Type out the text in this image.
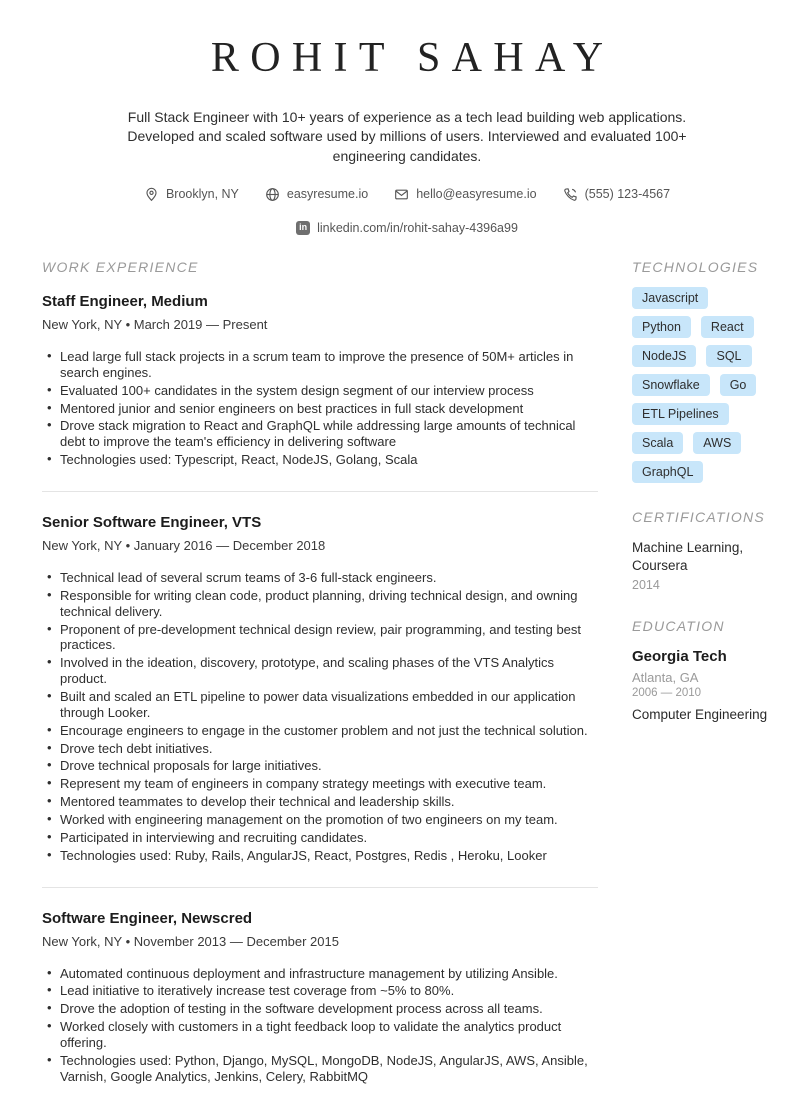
ROHIT SAHAY

Full Stack Engineer with 10+ years of experience as a tech lead building web applications. Developed and scaled software used by millions of users. Interviewed and evaluated 100+ engineering candidates.

Brooklyn, NY	easyresume.io	hello@easyresume.io	(555) 123-4567
in linkedin.com/in/rohit-sahay-4396a99
WORK EXPERIENCE
Staff Engineer, Medium
New York, NY • March 2019 — Present
• Lead large full stack projects in a scrum team to improve the presence of 50M+ articles in search engines.
• Evaluated 100+ candidates in the system design segment of our interview process
• Mentored junior and senior engineers on best practices in full stack development
• Drove stack migration to React and GraphQL while addressing large amounts of technical debt to improve the team's efficiency in delivering software
• Technologies used: Typescript, React, NodeJS, Golang, Scala
Senior Software Engineer, VTS
New York, NY • January 2016 — December 2018
• Technical lead of several scrum teams of 3-6 full-stack engineers.
• Responsible for writing clean code, product planning, driving technical design, and owning technical delivery.
• Proponent of pre-development technical design review, pair programming, and testing best practices.
• Involved in the ideation, discovery, prototype, and scaling phases of the VTS Analytics product.
• Built and scaled an ETL pipeline to power data visualizations embedded in our application through Looker.
• Encourage engineers to engage in the customer problem and not just the technical solution.
• Drove tech debt initiatives.
• Drove technical proposals for large initiatives.
• Represent my team of engineers in company strategy meetings with executive team.
• Mentored teammates to develop their technical and leadership skills.
• Worked with engineering management on the promotion of two engineers on my team.
• Participated in interviewing and recruiting candidates.
• Technologies used: Ruby, Rails, AngularJS, React, Postgres, Redis , Heroku, Looker
Software Engineer, Newscred
New York, NY • November 2013 — December 2015
• Automated continuous deployment and infrastructure management by utilizing Ansible.
• Lead initiative to iteratively increase test coverage from ~5% to 80%.
• Drove the adoption of testing in the software development process across all teams.
• Worked closely with customers in a tight feedback loop to validate the analytics product offering.
• Technologies used: Python, Django, MySQL, MongoDB, NodeJS, AngularJS, AWS, Ansible, Varnish, Google Analytics, Jenkins, Celery, RabbitMQ
TECHNOLOGIES
Javascript
Python	React
NodeJS	SQL
Snowflake	Go
ETL Pipelines
Scala	AWS
GraphQL
CERTIFICATIONS
Machine Learning, Coursera
2014
EDUCATION
Georgia Tech
Atlanta, GA
2006 — 2010
Computer Engineering
